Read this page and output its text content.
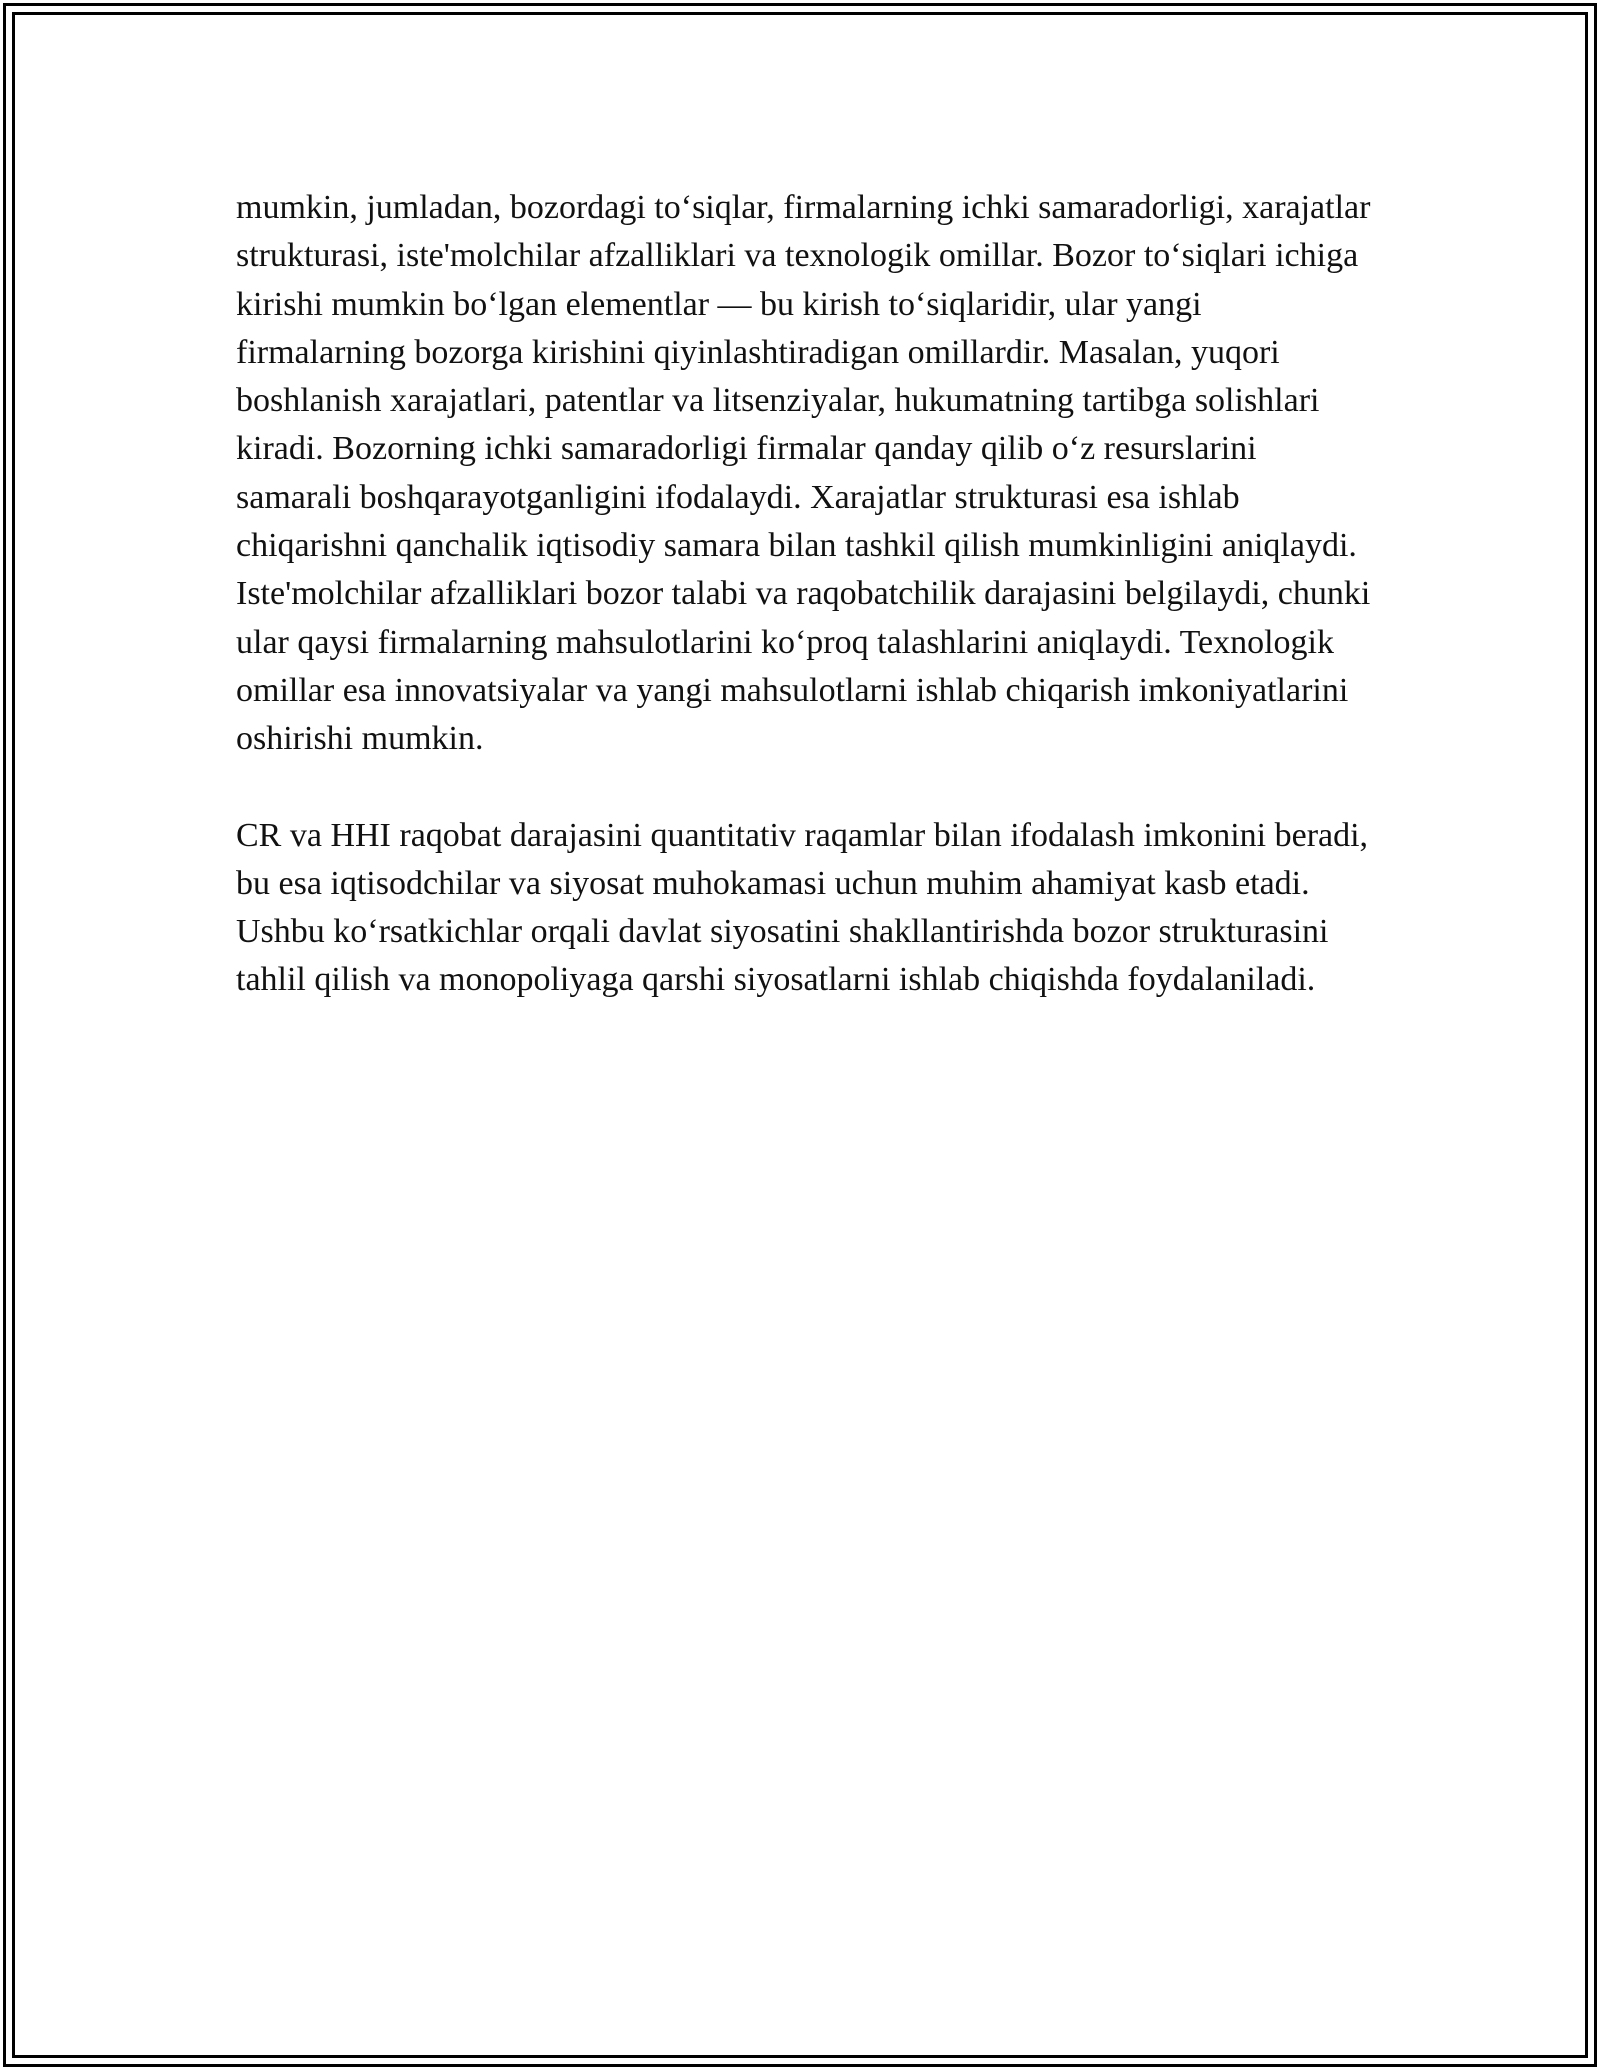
mumkin, jumladan, bozordagi to‘siqlar, firmalarning ichki samaradorligi, xarajatlar strukturasi, iste'molchilar afzalliklari va texnologik omillar. Bozor to‘siqlari ichiga kirishi mumkin bo‘lgan elementlar — bu kirish to‘siqlaridir, ular yangi firmalarning bozorga kirishini qiyinlashtiradigan omillardir. Masalan, yuqori boshlanish xarajatlari, patentlar va litsenziyalar, hukumatning tartibga solishlari kiradi. Bozorning ichki samaradorligi firmalar qanday qilib o‘z resurslarini samarali boshqarayotganligini ifodalaydi. Xarajatlar strukturasi esa ishlab chiqarishni qanchalik iqtisodiy samara bilan tashkil qilish mumkinligini aniqlaydi. Iste'molchilar afzalliklari bozor talabi va raqobatchilik darajasini belgilaydi, chunki ular qaysi firmalarning mahsulotlarini ko‘proq talashlarini aniqlaydi. Texnologik omillar esa innovatsiyalar va yangi mahsulotlarni ishlab chiqarish imkoniyatlarini oshirishi mumkin.

CR va HHI raqobat darajasini quantitativ raqamlar bilan ifodalash imkonini beradi, bu esa iqtisodchilar va siyosat muhokamasi uchun muhim ahamiyat kasb etadi. Ushbu ko‘rsatkichlar orqali davlat siyosatini shakllantirishda bozor strukturasini tahlil qilish va monopoliyaga qarshi siyosatlarni ishlab chiqishda foydalaniladi.
